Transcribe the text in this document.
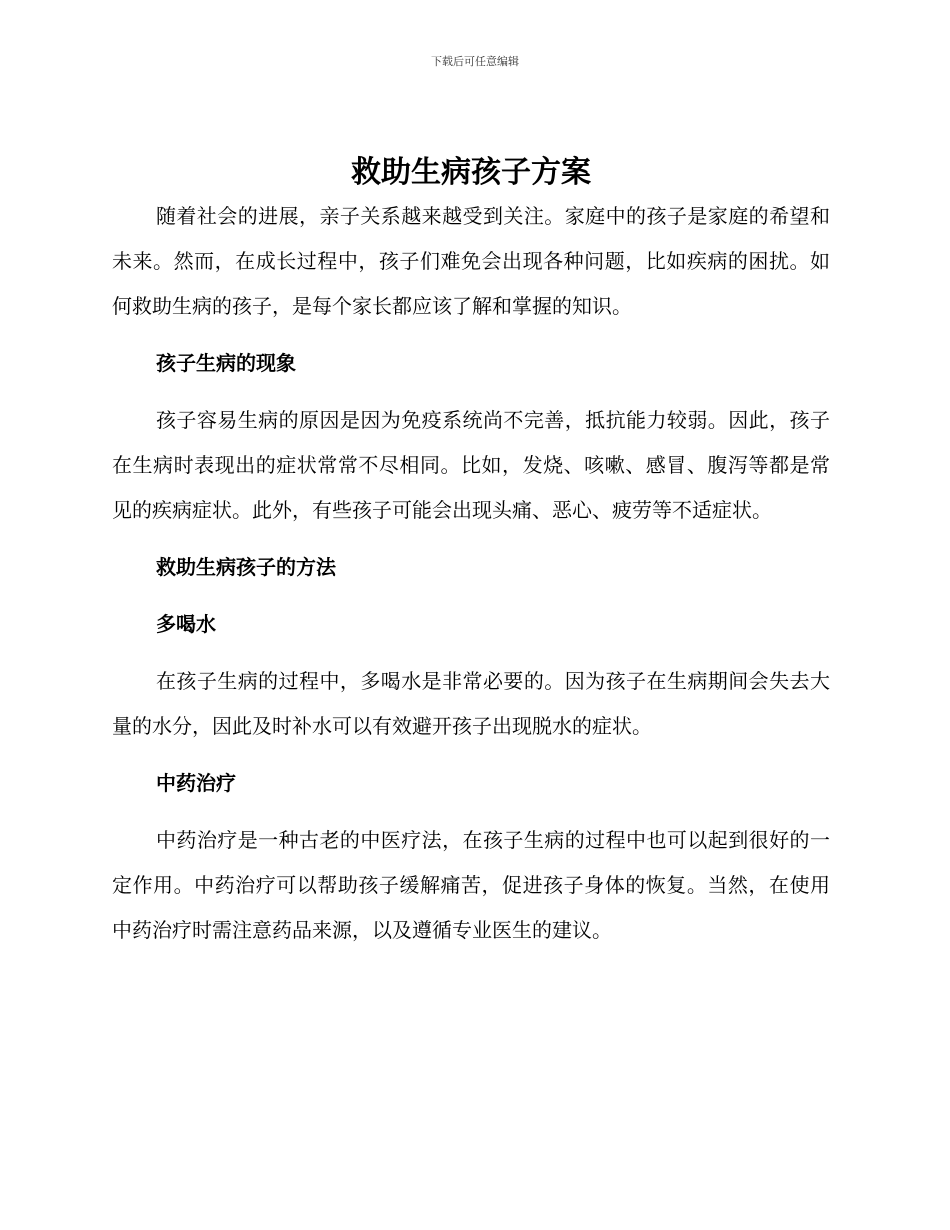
下载后可任意编辑
救助生病孩子方案

随着社会的进展，亲子关系越来越受到关注。家庭中的孩子是家庭的希望和未来。然而，在成长过程中，孩子们难免会出现各种问题，比如疾病的困扰。如何救助生病的孩子，是每个家长都应该了解和掌握的知识。

孩子生病的现象

孩子容易生病的原因是因为免疫系统尚不完善，抵抗能力较弱。因此，孩子在生病时表现出的症状常常不尽相同。比如，发烧、咳嗽、感冒、腹泻等都是常见的疾病症状。此外，有些孩子可能会出现头痛、恶心、疲劳等不适症状。

救助生病孩子的方法
多喝水

在孩子生病的过程中，多喝水是非常必要的。因为孩子在生病期间会失去大量的水分，因此及时补水可以有效避开孩子出现脱水的症状。

中药治疗

中药治疗是一种古老的中医疗法，在孩子生病的过程中也可以起到很好的一定作用。中药治疗可以帮助孩子缓解痛苦，促进孩子身体的恢复。当然，在使用中药治疗时需注意药品来源，以及遵循专业医生的建议。
